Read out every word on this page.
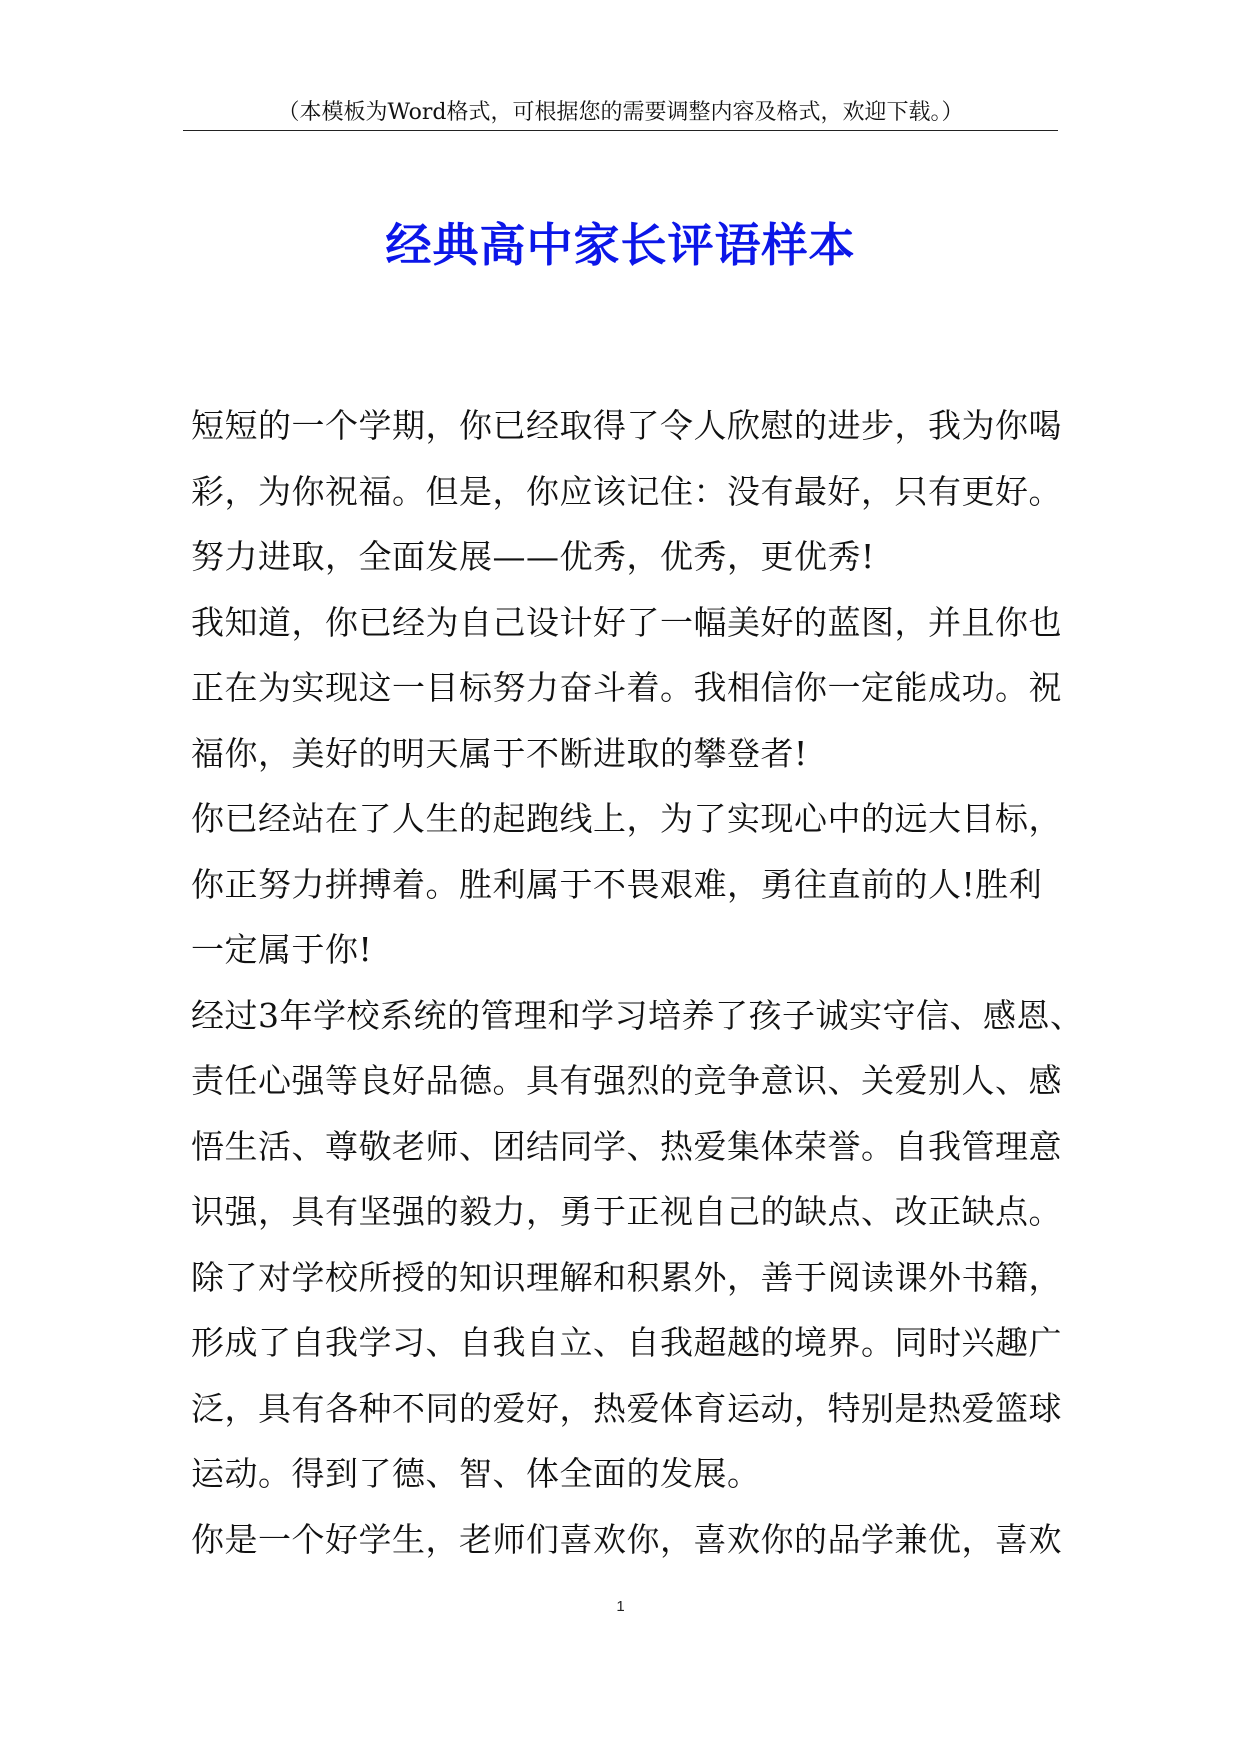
（本模板为Word格式，可根据您的需要调整内容及格式，欢迎下载。）
经典高中家长评语样本
短短的一个学期，你已经取得了令人欣慰的进步，我为你喝
彩，为你祝福。但是，你应该记住：没有最好，只有更好。
努力进取，全面发展——优秀，优秀，更优秀!
我知道，你已经为自己设计好了一幅美好的蓝图，并且你也
正在为实现这一目标努力奋斗着。我相信你一定能成功。祝
福你，美好的明天属于不断进取的攀登者!
你已经站在了人生的起跑线上，为了实现心中的远大目标，
你正努力拼搏着。胜利属于不畏艰难，勇往直前的人!胜利
一定属于你!
经过3年学校系统的管理和学习培养了孩子诚实守信、感恩、
责任心强等良好品德。具有强烈的竞争意识、关爱别人、感
悟生活、尊敬老师、团结同学、热爱集体荣誉。自我管理意
识强，具有坚强的毅力，勇于正视自己的缺点、改正缺点。
除了对学校所授的知识理解和积累外，善于阅读课外书籍，
形成了自我学习、自我自立、自我超越的境界。同时兴趣广
泛，具有各种不同的爱好，热爱体育运动，特别是热爱篮球
运动。得到了德、智、体全面的发展。
你是一个好学生，老师们喜欢你，喜欢你的品学兼优，喜欢
1
